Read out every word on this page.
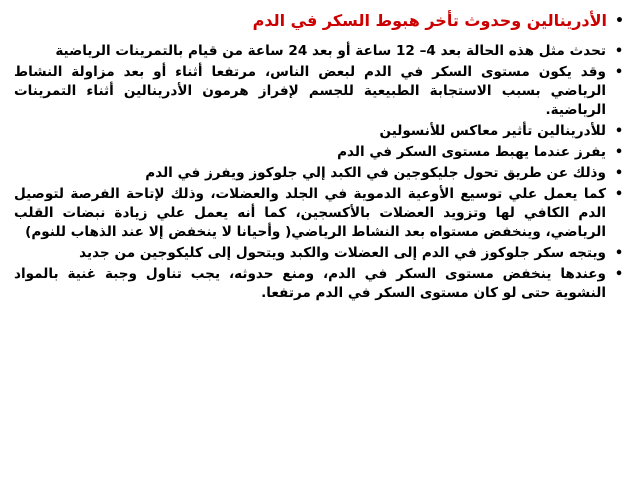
•
الأدرينالين وحدوث تأخر هبوط السكر في الدم
•
تحدث مثل هذه الحالة بعد 4– 12 ساعة أو بعد 24 ساعة من قيام بالتمرينات الرياضية
•
وقد يكون مستوى السكر في الدم لبعض الناس، مرتفعا أثناء أو بعد مزاولة النشاط الرياضي بسبب الاستجابة الطبيعية للجسم لإفراز هرمون الأدرينالين أثناء التمرينات الرياضية.
•
للأدرينالين تأثير معاكس للأنسولين
•
يفرز عندما يهبط مستوى السكر في الدم
•
وذلك عن طريق تحول جليكوجين في الكبد إلي جلوكوز ويفرز في الدم
•
كما يعمل علي توسيع الأوعية الدموية في الجلد والعضلات، وذلك لإتاحة الفرصة لتوصيل الدم الكافي لها وتزويد العضلات بالأكسجين، كما أنه يعمل علي زيادة نبضات القلب الرياضي، وينخفض مستواه بعد النشاط الرياضي( وأحيانا لا ينخفض إلا عند الذهاب للنوم)
•
ويتجه سكر جلوكوز في الدم إلى العضلات والكبد ويتحول إلى كليكوجين من جديد
•
وعندها ينخفض مستوى السكر في الدم، ومنع حدوثه، يجب تناول وجبة غنية بالمواد النشوية حتى لو كان مستوى السكر في الدم مرتفعا.
